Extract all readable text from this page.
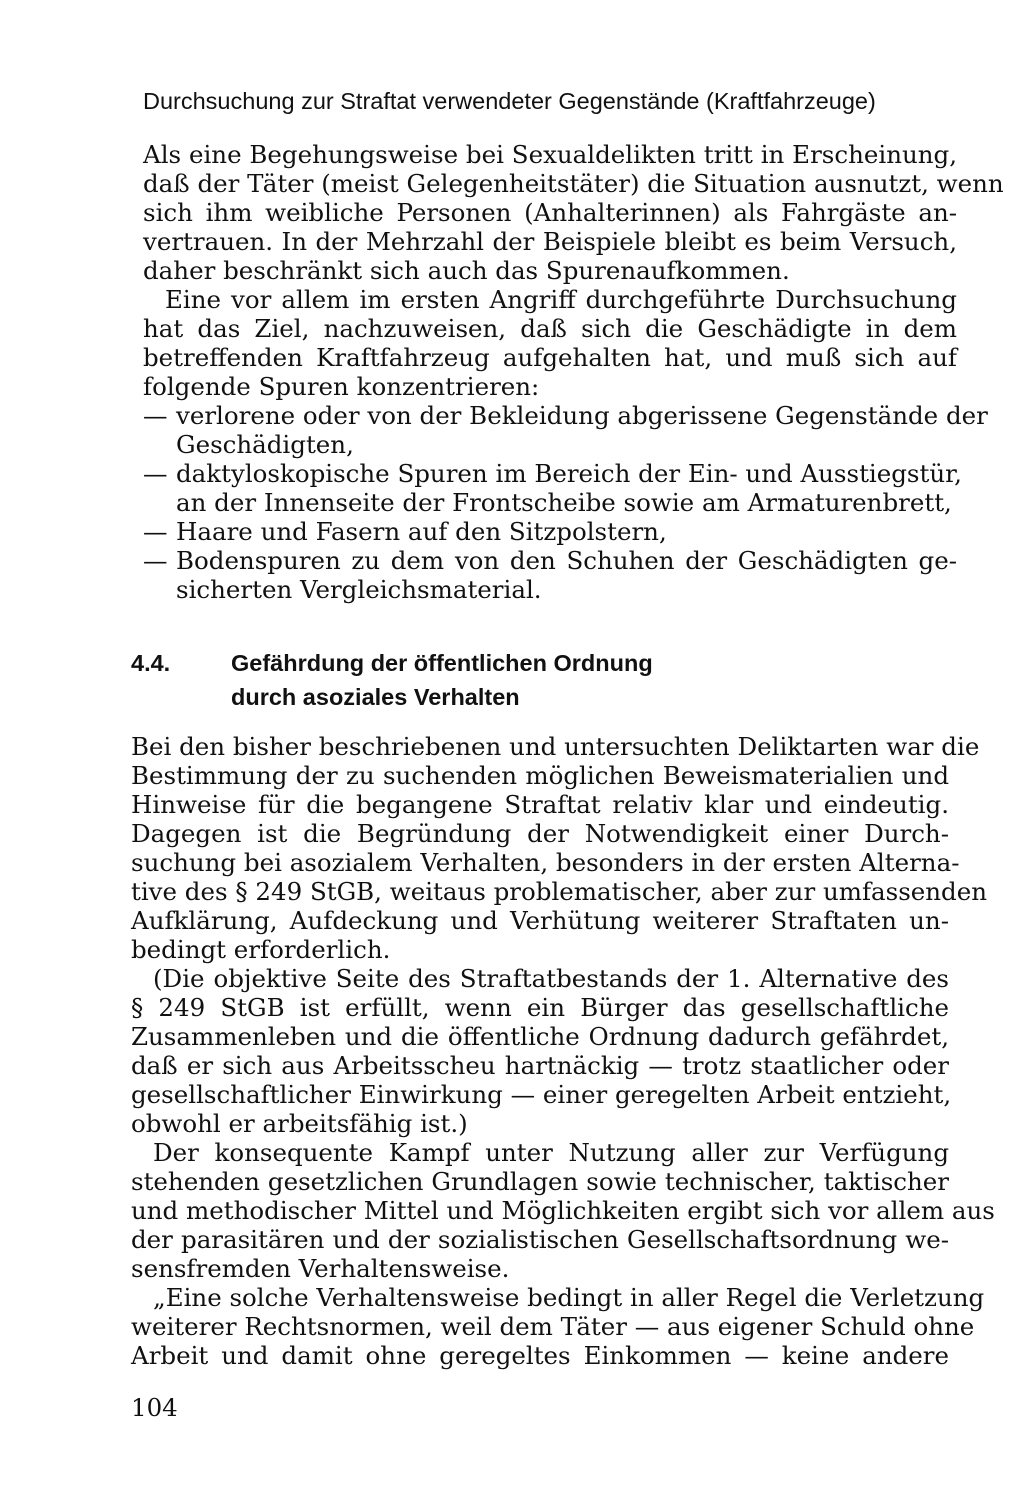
Durchsuchung zur Straftat verwendeter Gegenstände (Kraftfahrzeuge)
Als eine Begehungsweise bei Sexualdelikten tritt in Erscheinung,
daß der Täter (meist Gelegenheitstäter) die Situation ausnutzt, wenn
sich ihm weibliche Personen (Anhalterinnen) als Fahrgäste an-
vertrauen. In der Mehrzahl der Beispiele bleibt es beim Versuch,
daher beschränkt sich auch das Spurenaufkommen.
Eine vor allem im ersten Angriff durchgeführte Durchsuchung
hat das Ziel, nachzuweisen, daß sich die Geschädigte in dem
betreffenden Kraftfahrzeug aufgehalten hat, und muß sich auf
folgende Spuren konzentrieren:
— verlorene oder von der Bekleidung abgerissene Gegenstände der
Geschädigten,
— daktyloskopische Spuren im Bereich der Ein- und Ausstiegstür,
an der Innenseite der Frontscheibe sowie am Armaturenbrett,
— Haare und Fasern auf den Sitzpolstern,
— Bodenspuren zu dem von den Schuhen der Geschädigten ge-
sicherten Vergleichsmaterial.
4.4.	Gefährdung der öffentlichen Ordnung
durch asoziales Verhalten
Bei den bisher beschriebenen und untersuchten Deliktarten war die
Bestimmung der zu suchenden möglichen Beweismaterialien und
Hinweise für die begangene Straftat relativ klar und eindeutig.
Dagegen ist die Begründung der Notwendigkeit einer Durch-
suchung bei asozialem Verhalten, besonders in der ersten Alterna-
tive des § 249 StGB, weitaus problematischer, aber zur umfassenden
Aufklärung, Aufdeckung und Verhütung weiterer Straftaten un-
bedingt erforderlich.
(Die objektive Seite des Straftatbestands der 1. Alternative des
§ 249 StGB ist erfüllt, wenn ein Bürger das gesellschaftliche
Zusammenleben und die öffentliche Ordnung dadurch gefährdet,
daß er sich aus Arbeitsscheu hartnäckig — trotz staatlicher oder
gesellschaftlicher Einwirkung — einer geregelten Arbeit entzieht,
obwohl er arbeitsfähig ist.)
Der konsequente Kampf unter Nutzung aller zur Verfügung
stehenden gesetzlichen Grundlagen sowie technischer, taktischer
und methodischer Mittel und Möglichkeiten ergibt sich vor allem aus
der parasitären und der sozialistischen Gesellschaftsordnung we-
sensfremden Verhaltensweise.
„Eine solche Verhaltensweise bedingt in aller Regel die Verletzung
weiterer Rechtsnormen, weil dem Täter — aus eigener Schuld ohne
Arbeit und damit ohne geregeltes Einkommen — keine andere
104
